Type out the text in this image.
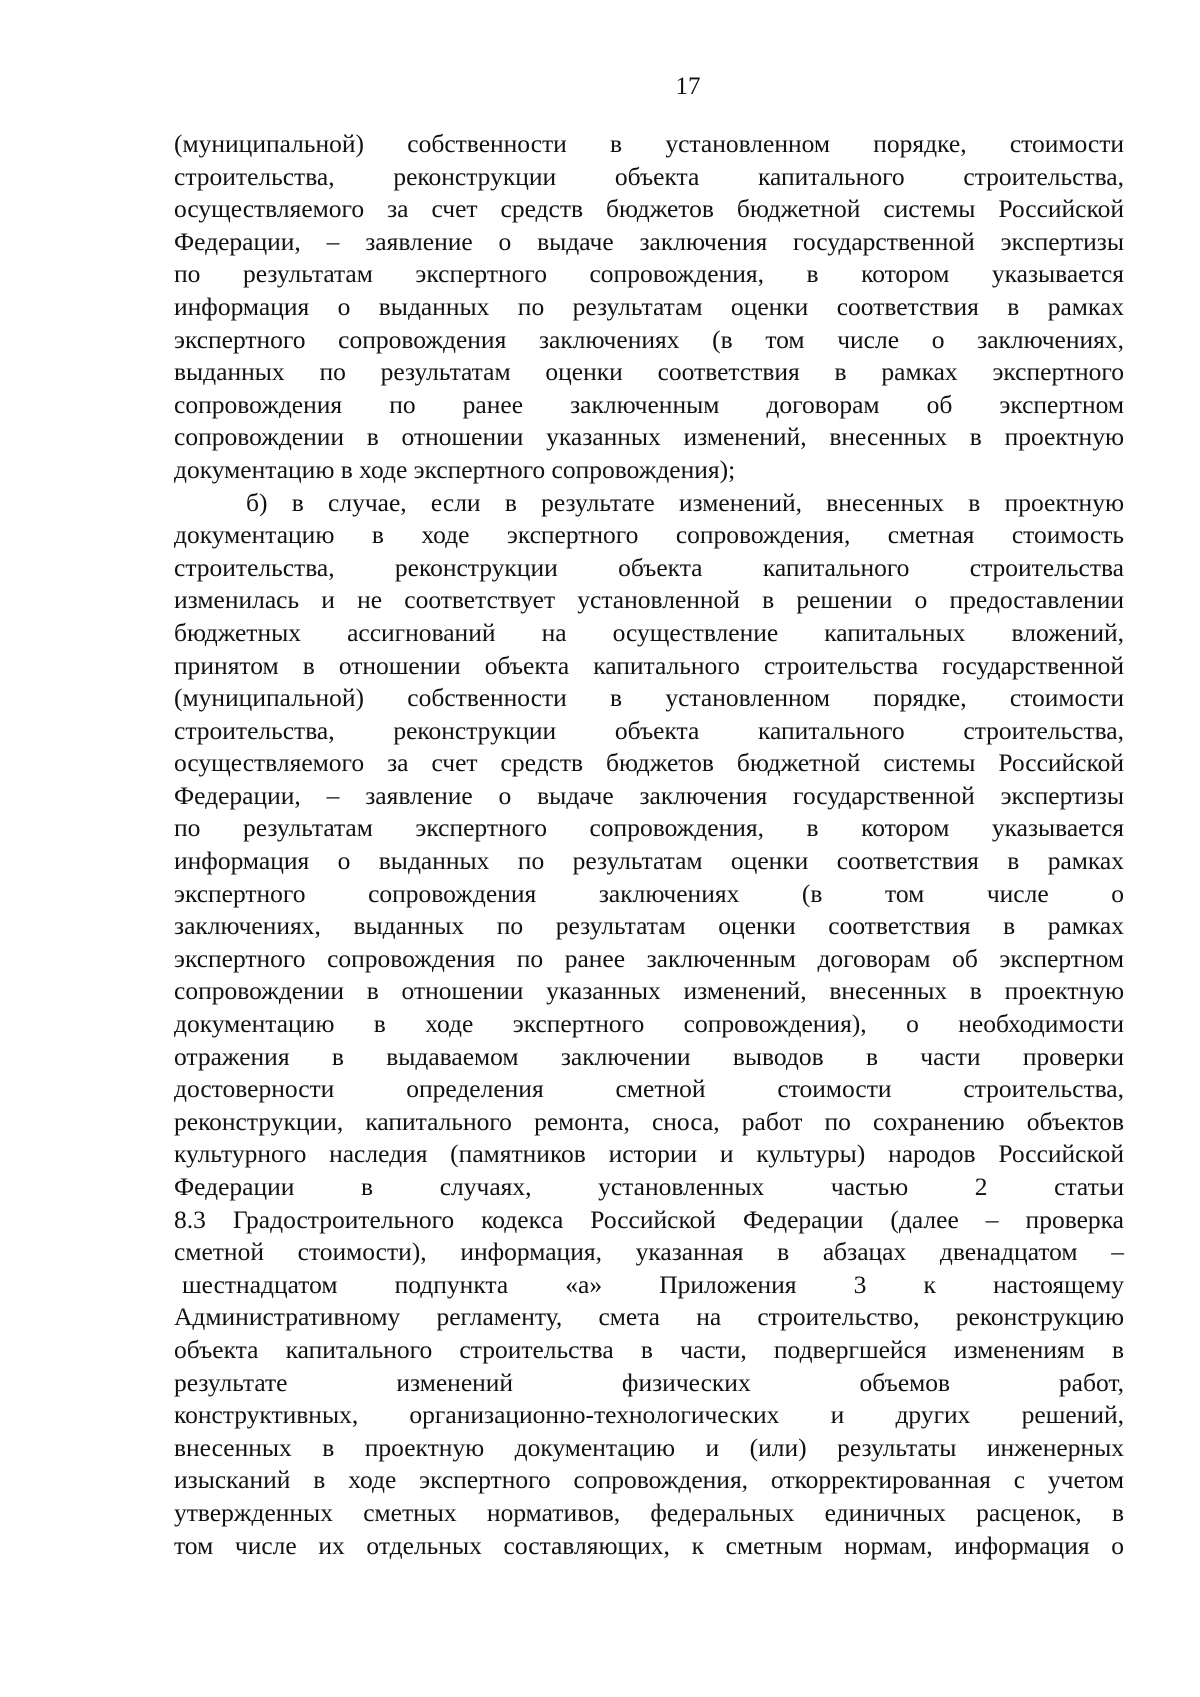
17
(муниципальной) собственности в установленном порядке, стоимости
строительства, реконструкции объекта капитального строительства,
осуществляемого за счет средств бюджетов бюджетной системы Российской
Федерации, – заявление о выдаче заключения государственной экспертизы
по результатам экспертного сопровождения, в котором указывается
информация о выданных по результатам оценки соответствия в рамках
экспертного сопровождения заключениях (в том числе о заключениях,
выданных по результатам оценки соответствия в рамках экспертного
сопровождения по ранее заключенным договорам об экспертном
сопровождении в отношении указанных изменений, внесенных в проектную
документацию в ходе экспертного сопровождения);
б) в случае, если в результате изменений, внесенных в проектную
документацию в ходе экспертного сопровождения, сметная стоимость
строительства, реконструкции объекта капитального строительства
изменилась и не соответствует установленной в решении о предоставлении
бюджетных ассигнований на осуществление капитальных вложений,
принятом в отношении объекта капитального строительства государственной
(муниципальной) собственности в установленном порядке, стоимости
строительства, реконструкции объекта капитального строительства,
осуществляемого за счет средств бюджетов бюджетной системы Российской
Федерации, – заявление о выдаче заключения государственной экспертизы
по результатам экспертного сопровождения, в котором указывается
информация о выданных по результатам оценки соответствия в рамках
экспертного сопровождения заключениях (в том числе о
заключениях, выданных по результатам оценки соответствия в рамках
экспертного сопровождения по ранее заключенным договорам об экспертном
сопровождении в отношении указанных изменений, внесенных в проектную
документацию в ходе экспертного сопровождения), о необходимости
отражения в выдаваемом заключении выводов в части проверки
достоверности определения сметной стоимости строительства,
реконструкции, капитального ремонта, сноса, работ по сохранению объектов
культурного наследия (памятников истории и культуры) народов Российской
Федерации в случаях, установленных частью 2 статьи
8.3 Градостроительного кодекса Российской Федерации (далее – проверка
сметной стоимости), информация, указанная в абзацах двенадцатом –
шестнадцатом подпункта «а» Приложения 3 к настоящему
Административному регламенту, смета на строительство, реконструкцию
объекта капитального строительства в части, подвергшейся изменениям в
результате изменений физических объемов работ,
конструктивных, организационно-технологических и других решений,
внесенных в проектную документацию и (или) результаты инженерных
изысканий в ходе экспертного сопровождения, откорректированная с учетом
утвержденных сметных нормативов, федеральных единичных расценок, в
том числе их отдельных составляющих, к сметным нормам, информация о
